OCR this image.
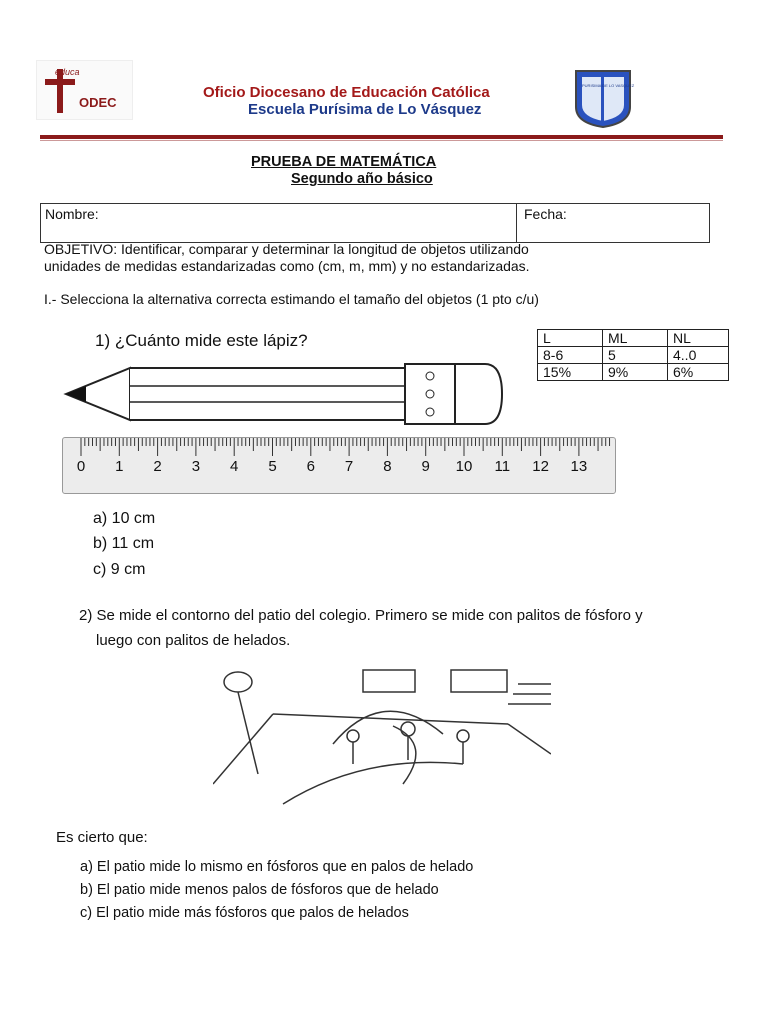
educa
ODEC
Oficio Diocesano de Educación Católica
Escuela Purísima de Lo Vásquez
PURISIMA DE LO VASQUEZ
PRUEBA DE MATEMÁTICA
Segundo año básico
Nombre:	Fecha:
OBJETIVO: Identificar, comparar y determinar la longitud de objetos utilizando
unidades de medidas estandarizadas como (cm, m, mm) y no estandarizadas.
I.- Selecciona la alternativa correcta estimando el tamaño del objetos (1 pto c/u)
1) ¿Cuánto mide este lápiz?	L	ML	NL
8-6	5	4..0
15%	9%	6%
0 1 2 3 4 5 6 7 8 9 10 11 12 13
a) 10 cm
b) 11 cm
c) 9 cm
2) Se mide el contorno del patio del colegio. Primero se mide con palitos de fósforo y
luego con palitos de helados.
Es cierto que:
a) El patio mide lo mismo en fósforos que en palos de helado
b) El patio mide menos palos de fósforos que de helado
c) El patio mide más fósforos que palos de helados
